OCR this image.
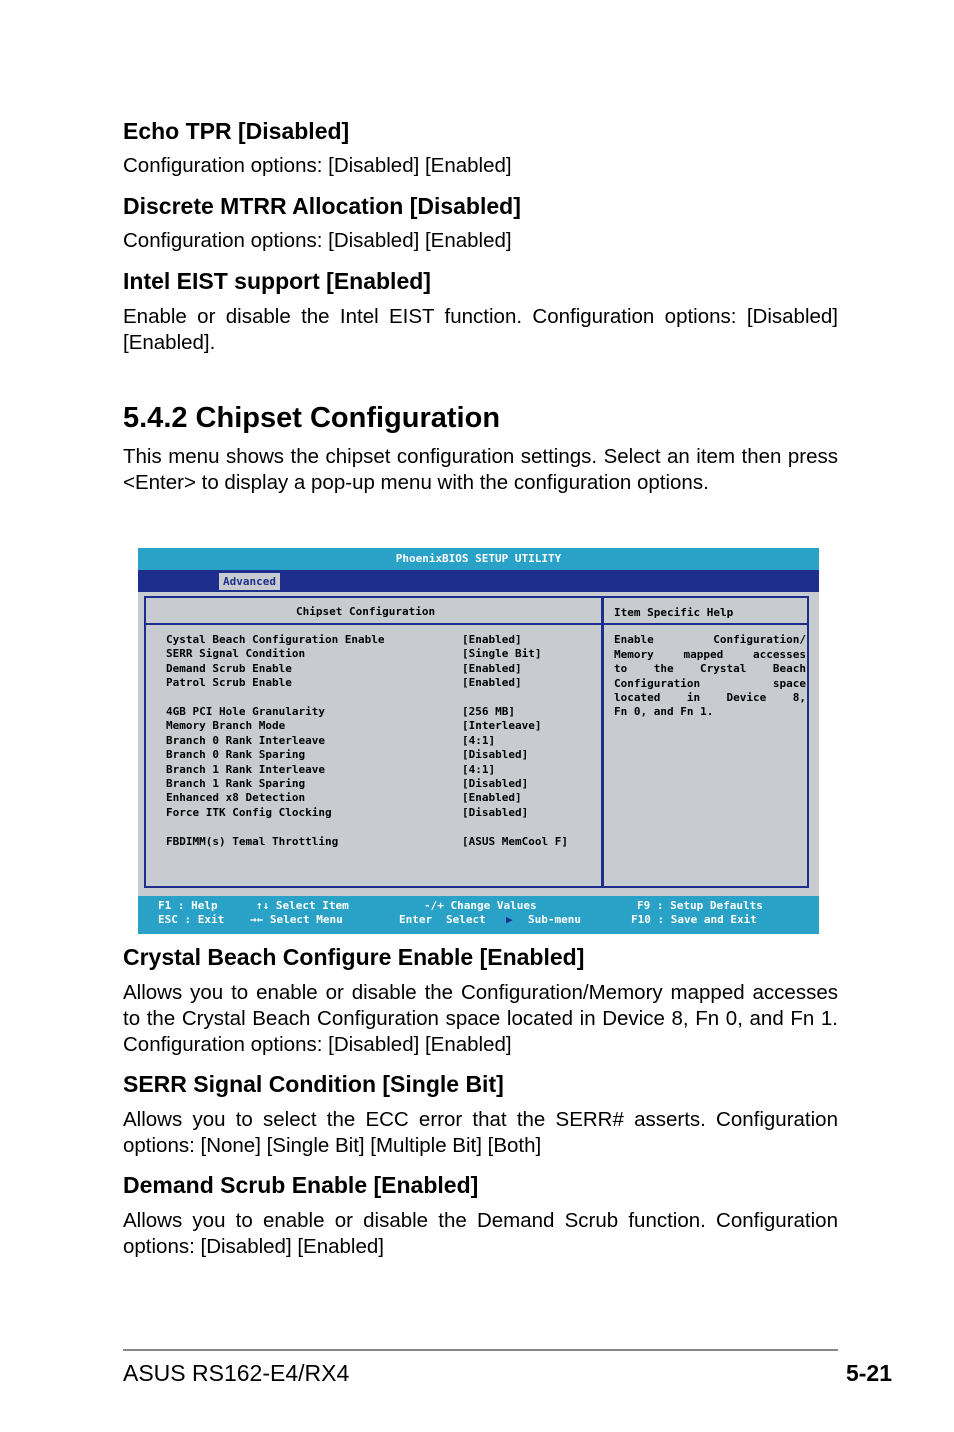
Echo TPR [Disabled]
Configuration options: [Disabled] [Enabled]
Discrete MTRR Allocation [Disabled]
Configuration options: [Disabled] [Enabled]
Intel EIST support [Enabled]
Enable or disable the Intel EIST function. Configuration options: [Disabled] [Enabled].
5.4.2 Chipset Configuration
This menu shows the chipset configuration settings. Select an item then press <Enter> to display a pop-up menu with the configuration options.
PhoenixBIOS SETUP UTILITY
Advanced
Chipset Configuration	Item Specific Help
Cystal Beach Configuration Enable	[Enabled]
SERR Signal Condition	[Single Bit]
Demand Scrub Enable	[Enabled]
Patrol Scrub Enable	[Enabled]
4GB PCI Hole Granularity	[256 MB]
Memory Branch Mode	[Interleave]
Branch 0 Rank Interleave	[4:1]
Branch 0 Rank Sparing	[Disabled]
Branch 1 Rank Interleave	[4:1]
Branch 1 Rank Sparing	[Disabled]
Enhanced x8 Detection	[Enabled]
Force ITK Config Clocking	[Disabled]
FBDIMM(s) Temal Throttling	[ASUS MemCool F]
Enable Configuration/
Memory mapped accesses
to the Crystal Beach
Configuration space
located in Device 8,
Fn 0, and Fn 1.
F1 : Help
ESC : Exit
↑↓ Select Item
→← Select Menu
-/+ Change Values
Enter Select ▶ Sub-menu
F9 : Setup Defaults
F10 : Save and Exit
Crystal Beach Configure Enable [Enabled]
Allows you to enable or disable the Configuration/Memory mapped accesses to the Crystal Beach Configuration space located in Device 8, Fn 0, and Fn 1. Configuration options: [Disabled] [Enabled]
SERR Signal Condition [Single Bit]
Allows you to select the ECC error that the SERR# asserts. Configuration options: [None] [Single Bit] [Multiple Bit] [Both]
Demand Scrub Enable [Enabled]
Allows you to enable or disable the Demand Scrub function. Configuration options: [Disabled] [Enabled]
ASUS RS162-E4/RX4	5-21
